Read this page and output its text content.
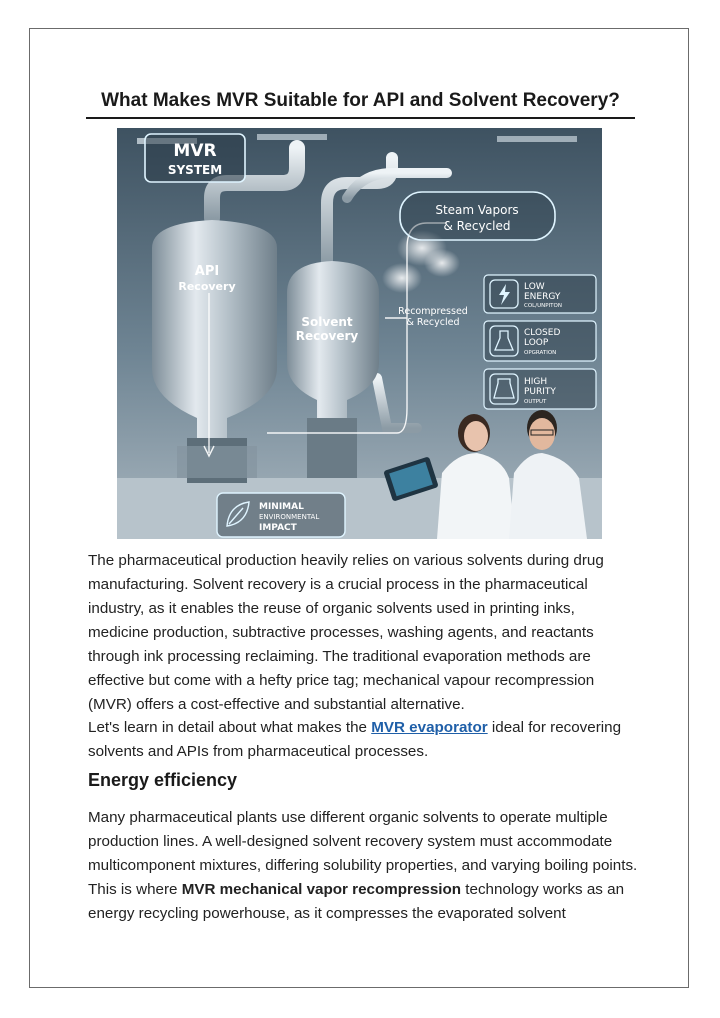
What Makes MVR Suitable for API and Solvent Recovery?
MVR
SYSTEM
Steam Vapors
& Recycled
API
Recovery
Solvent
Recovery
Recompressed
& Recycled
LOW
ENERGY
COL/UNPITON
CLOSED
LOOP
OPGRATION
HIGH
PURITY
OUTPUT
MINIMAL
ENVIRONMENTAL
IMPACT

The pharmaceutical production heavily relies on various solvents during drug manufacturing. Solvent recovery is a crucial process in the pharmaceutical industry, as it enables the reuse of organic solvents used in printing inks, medicine production, subtractive processes, washing agents, and reactants through ink processing reclaiming. The traditional evaporation methods are effective but come with a hefty price tag; mechanical vapour recompression (MVR) offers a cost-effective and substantial alternative.

Let's learn in detail about what makes the MVR evaporator ideal for recovering solvents and APIs from pharmaceutical processes.

Energy efficiency

Many pharmaceutical plants use different organic solvents to operate multiple production lines. A well-designed solvent recovery system must accommodate multicomponent mixtures, differing solubility properties, and varying boiling points. This is where MVR mechanical vapor recompression technology works as an energy recycling powerhouse, as it compresses the evaporated solvent
